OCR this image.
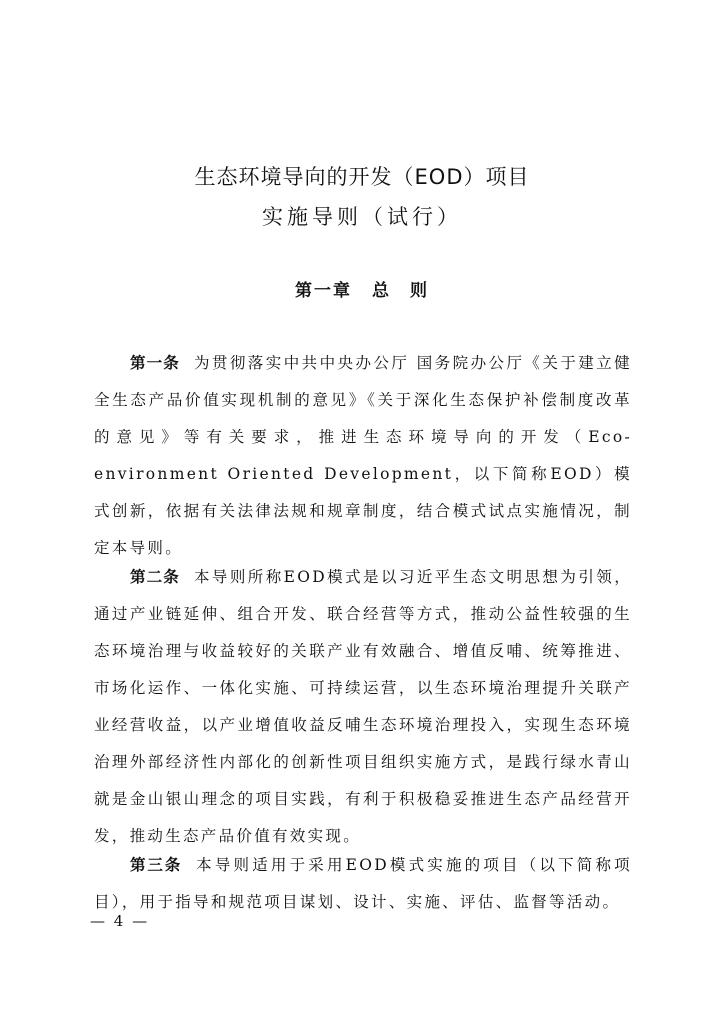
生态环境导向的开发（EOD）项目
实施导则（试行）
第一章 总　则

第一条 为贯彻落实中共中央办公厅 国务院办公厅《关于建立健全生态产品价值实现机制的意见》《关于深化生态保护补偿制度改革的意见》等有关要求，推进生态环境导向的开发（Eco-environment Oriented Development，以下简称EOD）模式创新，依据有关法律法规和规章制度，结合模式试点实施情况，制定本导则。

第二条 本导则所称EOD模式是以习近平生态文明思想为引领，通过产业链延伸、组合开发、联合经营等方式，推动公益性较强的生态环境治理与收益较好的关联产业有效融合、增值反哺、统筹推进、市场化运作、一体化实施、可持续运营，以生态环境治理提升关联产业经营收益，以产业增值收益反哺生态环境治理投入，实现生态环境治理外部经济性内部化的创新性项目组织实施方式，是践行绿水青山就是金山银山理念的项目实践，有利于积极稳妥推进生态产品经营开发，推动生态产品价值有效实现。

第三条 本导则适用于采用EOD模式实施的项目（以下简称项目），用于指导和规范项目谋划、设计、实施、评估、监督等活动。

— 4 —
